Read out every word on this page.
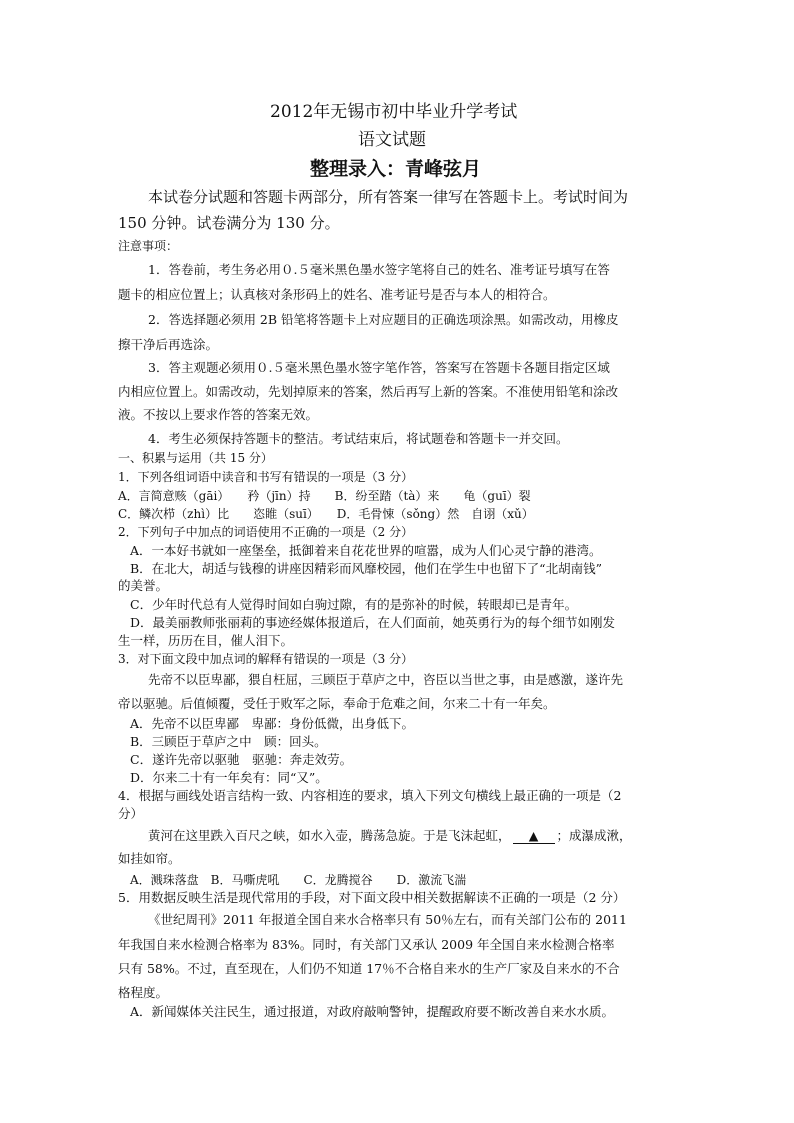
2012年无锡市初中毕业升学考试
语文试题
整理录入：青峰弦月
本试卷分试题和答题卡两部分，所有答案一律写在答题卡上。考试时间为
150 分钟。试卷满分为 130 分。
注意事项：
1．答卷前，考生务必用０.５毫米黑色墨水签字笔将自己的姓名、准考证号填写在答
题卡的相应位置上；认真核对条形码上的姓名、准考证号是否与本人的相符合。
2．答选择题必须用 2B 铅笔将答题卡上对应题目的正确选项涂黑。如需改动，用橡皮
擦干净后再选涂。
3．答主观题必须用０.５毫米黑色墨水签字笔作答，答案写在答题卡各题目指定区域
内相应位置上。如需改动，先划掉原来的答案，然后再写上新的答案。不准使用铅笔和涂改
液。不按以上要求作答的答案无效。
4．考生必须保持答题卡的整洁。考试结束后，将试题卷和答题卡一并交回。
一、积累与运用（共 15 分）
1．下列各组词语中读音和书写有错误的一项是（3 分）
A．言简意赅（gāi）　　矜（jīn）持　　B．纷至踏（tà）来　　龟（guī）裂
C．鳞次栉（zhì）比　　恣睢（suī）　　D．毛骨悚（sǒng）然　自诩（xǔ）
2．下列句子中加点的词语使用不正确的一项是（2 分）
A．一本好书就如一座堡垒，抵御着来自花花世界的喧嚣，成为人们心灵宁静的港湾。
B．在北大，胡适与钱穆的讲座因精彩而风靡校园，他们在学生中也留下了“北胡南钱”
的美誉。
C．少年时代总有人觉得时间如白驹过隙，有的是弥补的时候，转眼却已是青年。
D．最美丽教师张丽莉的事迹经媒体报道后，在人们面前，她英勇行为的每个细节如刚发
生一样，历历在目，催人泪下。
3．对下面文段中加点词的解释有错误的一项是（3 分）
先帝不以臣卑鄙，猥自枉屈，三顾臣于草庐之中，咨臣以当世之事，由是感激，遂许先
帝以驱驰。后值倾覆，受任于败军之际，奉命于危难之间，尔来二十有一年矣。
A．先帝不以臣卑鄙　卑鄙：身份低微，出身低下。
B．三顾臣于草庐之中　顾：回头。
C．遂许先帝以驱驰　驱驰：奔走效劳。
D．尔来二十有一年矣有：同“又”。
4．根据与画线处语言结构一致、内容相连的要求，填入下列文句横线上最正确的一项是（2
分）
黄河在这里跌入百尺之峡，如水入壶，腾荡急旋。于是飞沫起虹， ▲ ；成瀑成湫，
如挂如帘。
A．溅珠落盘　B．马嘶虎吼　　C．龙腾搅谷　　D．激流飞湍
5．用数据反映生活是现代常用的手段，对下面文段中相关数据解读不正确的一项是（2 分）
《世纪周刊》2011 年报道全国自来水合格率只有 50％左右，而有关部门公布的 2011
年我国自来水检测合格率为 83%。同时，有关部门又承认 2009 年全国自来水检测合格率
只有 58%。不过，直至现在，人们仍不知道 17％不合格自来水的生产厂家及自来水的不合
格程度。
A．新闻媒体关注民生，通过报道，对政府敲响警钟，提醒政府要不断改善自来水水质。
